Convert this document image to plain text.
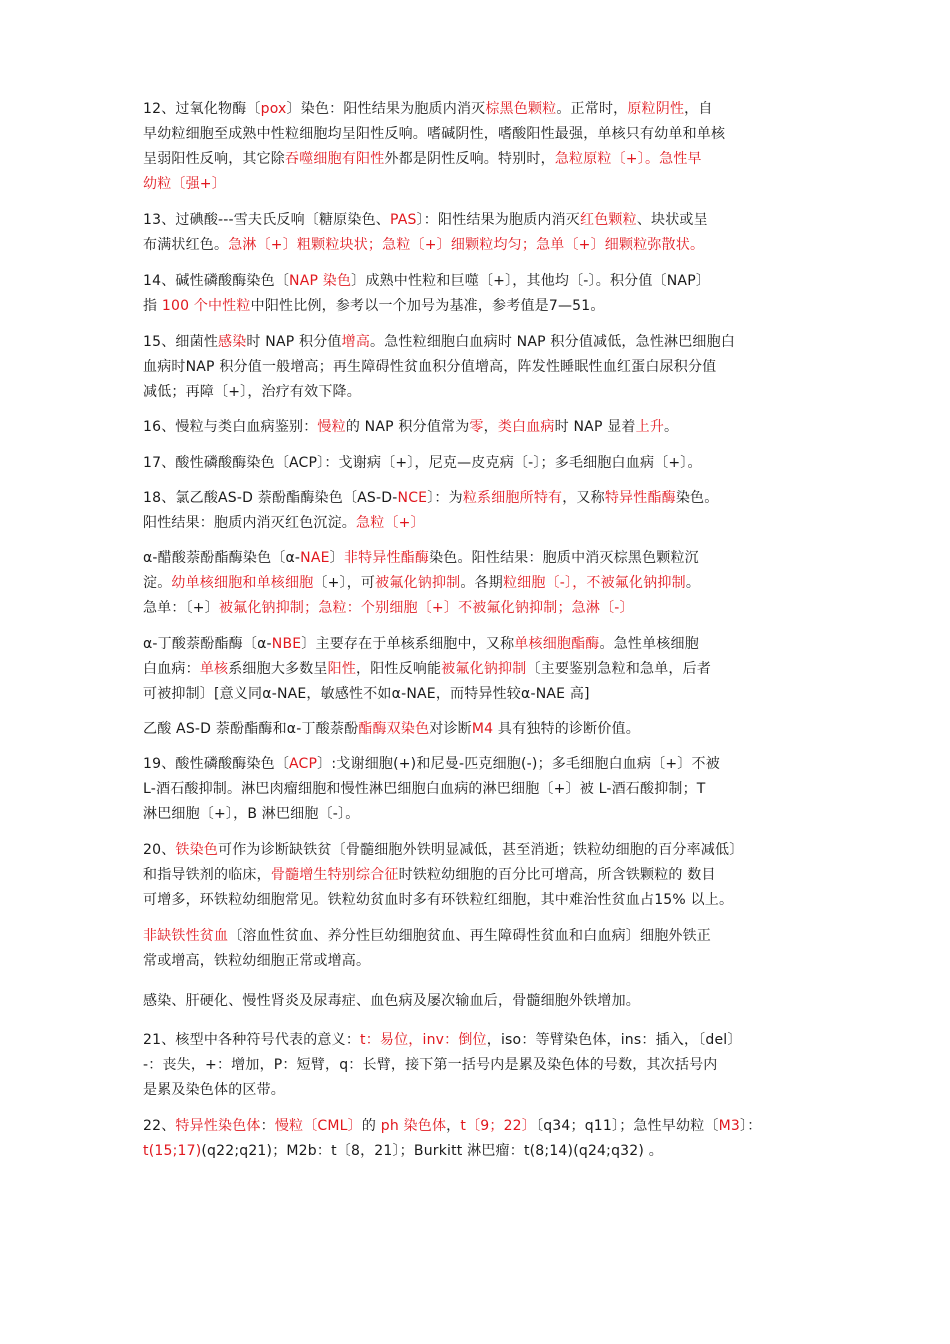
12、过氧化物酶〔pox〕染色：阳性结果为胞质内消灭棕黑色颗粒。正常时，原粒阴性，自
早幼粒细胞至成熟中性粒细胞均呈阳性反响。嗜碱阴性，嗜酸阳性最强，单核只有幼单和单核
呈弱阳性反响，其它除吞噬细胞有阳性外都是阴性反响。特别时，急粒原粒〔+〕。急性早
幼粒〔强+〕
13、过碘酸---雪夫氏反响〔糖原染色、PAS〕：阳性结果为胞质内消灭红色颗粒、块状或呈
布满状红色。急淋〔+〕粗颗粒块状；急粒〔+〕细颗粒均匀；急单〔+〕细颗粒弥散状。
14、碱性磷酸酶染色〔NAP 染色〕成熟中性粒和巨噬〔+〕，其他均〔-〕。积分值〔NAP〕
指 100 个中性粒中阳性比例，参考以一个加号为基准，参考值是7—51。
15、细菌性感染时 NAP 积分值增高。急性粒细胞白血病时 NAP 积分值减低，急性淋巴细胞白
血病时NAP 积分值一般增高；再生障碍性贫血积分值增高，阵发性睡眠性血红蛋白尿积分值
减低；再障〔+〕，治疗有效下降。
16、慢粒与类白血病鉴别：慢粒的 NAP 积分值常为零，类白血病时 NAP 显着上升。
17、酸性磷酸酶染色〔ACP〕：戈谢病〔+〕，尼克—皮克病〔-〕；多毛细胞白血病〔+〕。
18、氯乙酸AS-D 萘酚酯酶染色〔AS-D-NCE〕：为粒系细胞所特有，又称特异性酯酶染色。
阳性结果：胞质内消灭红色沉淀。急粒〔+〕
α-醋酸萘酚酯酶染色〔α-NAE〕非特异性酯酶染色。阳性结果：胞质中消灭棕黑色颗粒沉
淀。幼单核细胞和单核细胞〔+〕，可被氟化钠抑制。各期粒细胞〔-〕，不被氟化钠抑制。
急单：〔+〕被氟化钠抑制；急粒：个别细胞〔+〕不被氟化钠抑制；急淋〔-〕
α-丁酸萘酚酯酶〔α-NBE〕主要存在于单核系细胞中，又称单核细胞酯酶。急性单核细胞
白血病：单核系细胞大多数呈阳性，阳性反响能被氟化钠抑制〔主要鉴别急粒和急单，后者
可被抑制〕[意义同α-NAE，敏感性不如α-NAE，而特异性较α-NAE 高]
乙酸 AS-D 萘酚酯酶和α-丁酸萘酚酯酶双染色对诊断M4 具有独特的诊断价值。
19、酸性磷酸酶染色〔ACP〕:戈谢细胞(+)和尼曼-匹克细胞(-)；多毛细胞白血病〔+〕不被
L-酒石酸抑制。淋巴肉瘤细胞和慢性淋巴细胞白血病的淋巴细胞〔+〕被 L-酒石酸抑制；T
淋巴细胞〔+〕，B 淋巴细胞〔-〕。
20、铁染色可作为诊断缺铁贫〔骨髓细胞外铁明显减低，甚至消逝；铁粒幼细胞的百分率减低〕
和指导铁剂的临床，骨髓增生特别综合征时铁粒幼细胞的百分比可增高，所含铁颗粒的 数目
可增多，环铁粒幼细胞常见。铁粒幼贫血时多有环铁粒红细胞，其中难治性贫血占15% 以上。
非缺铁性贫血〔溶血性贫血、养分性巨幼细胞贫血、再生障碍性贫血和白血病〕细胞外铁正
常或增高，铁粒幼细胞正常或增高。
感染、肝硬化、慢性肾炎及尿毒症、血色病及屡次输血后，骨髓细胞外铁增加。
21、核型中各种符号代表的意义：t：易位，inv：倒位，iso：等臂染色体，ins：插入，〔del〕
-：丧失，+：增加，P：短臂，q：长臂，接下第一括号内是累及染色体的号数，其次括号内
是累及染色体的区带。
22、特异性染色体：慢粒〔CML〕的 ph 染色体，t〔9；22〕〔q34；q11〕；急性早幼粒〔M3〕：
t(15;17)(q22;q21)；M2b：t〔8，21〕；Burkitt 淋巴瘤：t(8;14)(q24;q32) 。
